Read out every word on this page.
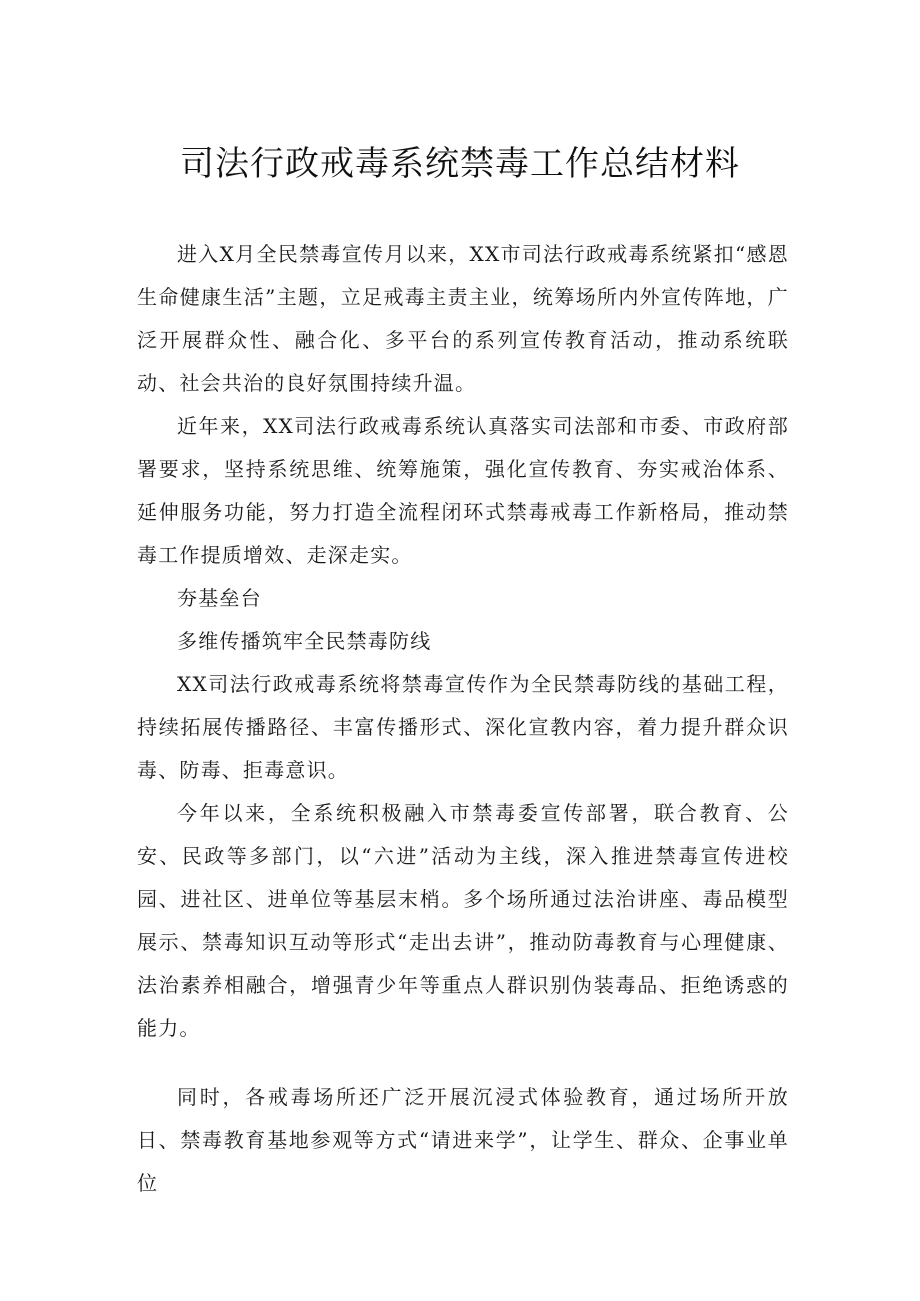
司法行政戒毒系统禁毒工作总结材料

进入X月全民禁毒宣传月以来，XX市司法行政戒毒系统紧扣“感恩生命健康生活”主题，立足戒毒主责主业，统筹场所内外宣传阵地，广泛开展群众性、融合化、多平台的系列宣传教育活动，推动系统联动、社会共治的良好氛围持续升温。

近年来，XX司法行政戒毒系统认真落实司法部和市委、市政府部署要求，坚持系统思维、统筹施策，强化宣传教育、夯实戒治体系、延伸服务功能，努力打造全流程闭环式禁毒戒毒工作新格局，推动禁毒工作提质增效、走深走实。

夯基垒台

多维传播筑牢全民禁毒防线

XX司法行政戒毒系统将禁毒宣传作为全民禁毒防线的基础工程，持续拓展传播路径、丰富传播形式、深化宣教内容，着力提升群众识毒、防毒、拒毒意识。

今年以来，全系统积极融入市禁毒委宣传部署，联合教育、公安、民政等多部门，以“六进”活动为主线，深入推进禁毒宣传进校园、进社区、进单位等基层末梢。多个场所通过法治讲座、毒品模型展示、禁毒知识互动等形式“走出去讲”，推动防毒教育与心理健康、法治素养相融合，增强青少年等重点人群识别伪装毒品、拒绝诱惑的能力。

同时，各戒毒场所还广泛开展沉浸式体验教育，通过场所开放日、禁毒教育基地参观等方式“请进来学”，让学生、群众、企事业单位
